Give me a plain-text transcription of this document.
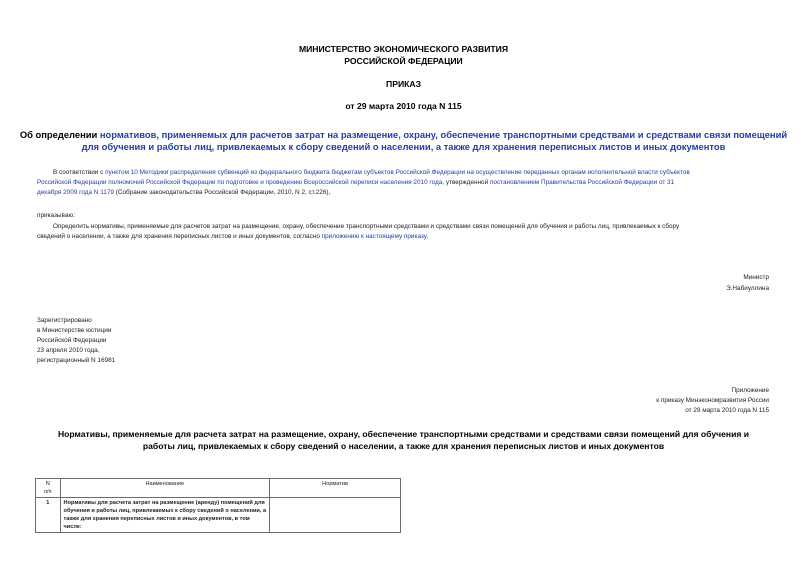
МИНИСТЕРСТВО ЭКОНОМИЧЕСКОГО РАЗВИТИЯ
РОССИЙСКОЙ ФЕДЕРАЦИИ
ПРИКАЗ
от 29 марта 2010 года N 115
Об определении нормативов, применяемых для расчетов затрат на размещение, охрану, обеспечение транспортными средствами и средствами связи помещений
для обучения и работы лиц, привлекаемых к сбору сведений о населении, а также для хранения переписных листов и иных документов
В соответствии с пунктом 10 Методики распределения субвенций из федерального бюджета бюджетам субъектов Российской Федерации на осуществление переданных органам исполнительной власти субъектов
Российской Федерации полномочий Российской Федерации по подготовке и проведению Всероссийской переписи населения 2010 года, утвержденной постановлением Правительства Российской Федерации от 31
декабря 2009 года N 1179 (Собрание законодательства Российской Федерации, 2010, N 2, ст.226),
приказываю:
Определить нормативы, применяемые для расчетов затрат на размещение, охрану, обеспечение транспортными средствами и средствами связи помещений для обучения и работы лиц, привлекаемых к сбору
сведений о населении, а также для хранения переписных листов и иных документов, согласно приложению к настоящему приказу.
Министр
Э.Набиуллина
Зарегистрировано
в Министерстве юстиции
Российской Федерации
23 апреля 2010 года,
регистрационный N 16981
Приложение
к приказу Минэкономразвития России
от 29 марта 2010 года N 115
Нормативы, применяемые для расчета затрат на размещение, охрану, обеспечение транспортными средствами и средствами связи помещений для обучения и
работы лиц, привлекаемых к сбору сведений о населении, а также для хранения переписных листов и иных документов
N
п/п	Наименование	Норматив
1	Нормативы для расчета затрат на размещение (аренду) помещений для обучения и работы лиц, привлекаемых к сбору сведений о населении, а также для хранения переписных листов и иных документов, в том числе:	
